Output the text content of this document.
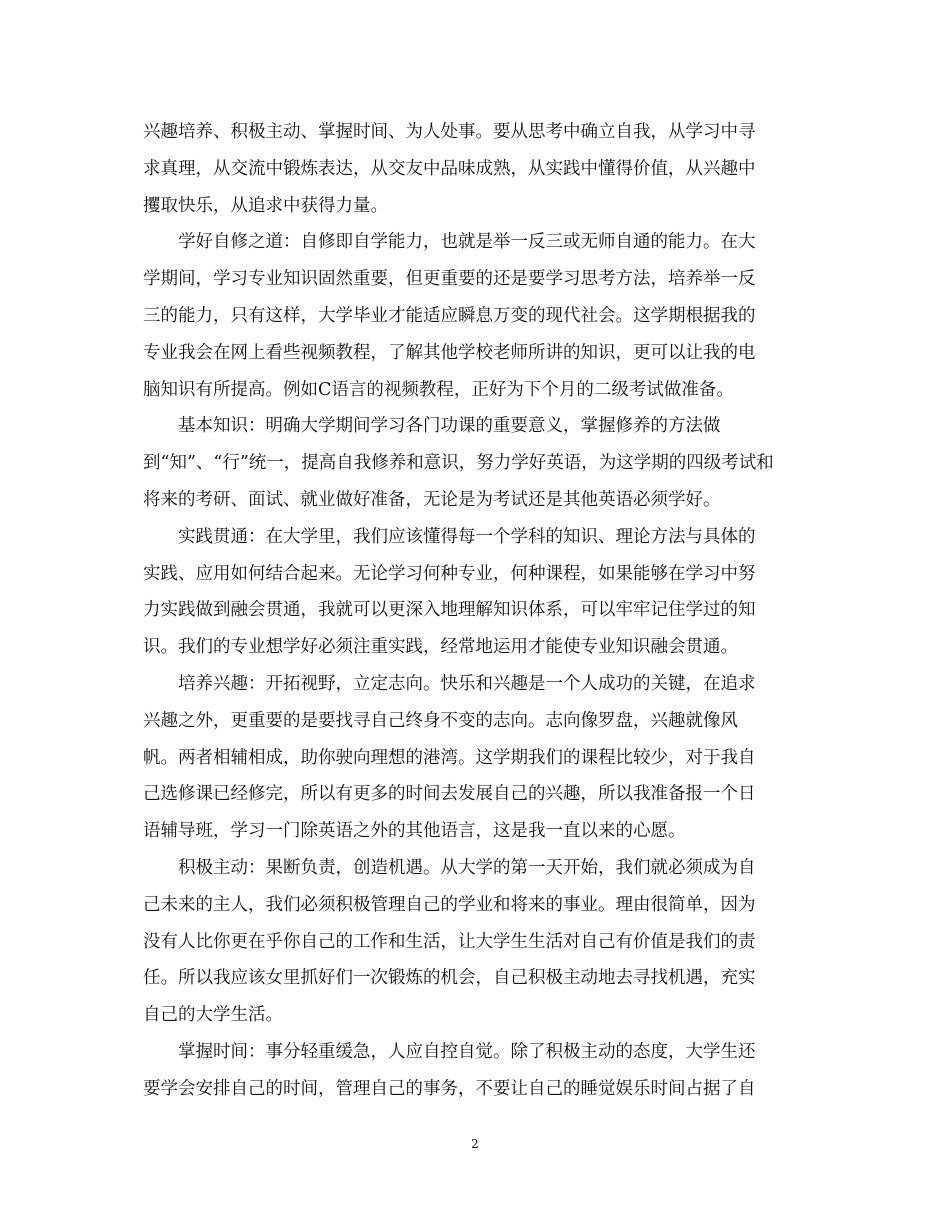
兴趣培养、积极主动、掌握时间、为人处事。要从思考中确立自我，从学习中寻
求真理，从交流中锻炼表达，从交友中品味成熟，从实践中懂得价值，从兴趣中
攫取快乐，从追求中获得力量。
学好自修之道：自修即自学能力，也就是举一反三或无师自通的能力。在大
学期间，学习专业知识固然重要，但更重要的还是要学习思考方法，培养举一反
三的能力，只有这样，大学毕业才能适应瞬息万变的现代社会。这学期根据我的
专业我会在网上看些视频教程，了解其他学校老师所讲的知识，更可以让我的电
脑知识有所提高。例如C语言的视频教程，正好为下个月的二级考试做准备。
基本知识：明确大学期间学习各门功课的重要意义，掌握修养的方法做
到“知”、“行”统一，提高自我修养和意识，努力学好英语，为这学期的四级考试和
将来的考研、面试、就业做好准备，无论是为考试还是其他英语必须学好。
实践贯通：在大学里，我们应该懂得每一个学科的知识、理论方法与具体的
实践、应用如何结合起来。无论学习何种专业，何种课程，如果能够在学习中努
力实践做到融会贯通，我就可以更深入地理解知识体系，可以牢牢记住学过的知
识。我们的专业想学好必须注重实践，经常地运用才能使专业知识融会贯通。
培养兴趣：开拓视野，立定志向。快乐和兴趣是一个人成功的关键，在追求
兴趣之外，更重要的是要找寻自己终身不变的志向。志向像罗盘，兴趣就像风
帆。两者相辅相成，助你驶向理想的港湾。这学期我们的课程比较少，对于我自
己选修课已经修完，所以有更多的时间去发展自己的兴趣，所以我准备报一个日
语辅导班，学习一门除英语之外的其他语言，这是我一直以来的心愿。
积极主动：果断负责，创造机遇。从大学的第一天开始，我们就必须成为自
己未来的主人，我们必须积极管理自己的学业和将来的事业。理由很简单，因为
没有人比你更在乎你自己的工作和生活，让大学生生活对自己有价值是我们的责
任。所以我应该女里抓好们一次锻炼的机会，自己积极主动地去寻找机遇，充实
自己的大学生活。
掌握时间：事分轻重缓急，人应自控自觉。除了积极主动的态度，大学生还
要学会安排自己的时间，管理自己的事务，不要让自己的睡觉娱乐时间占据了自
2
